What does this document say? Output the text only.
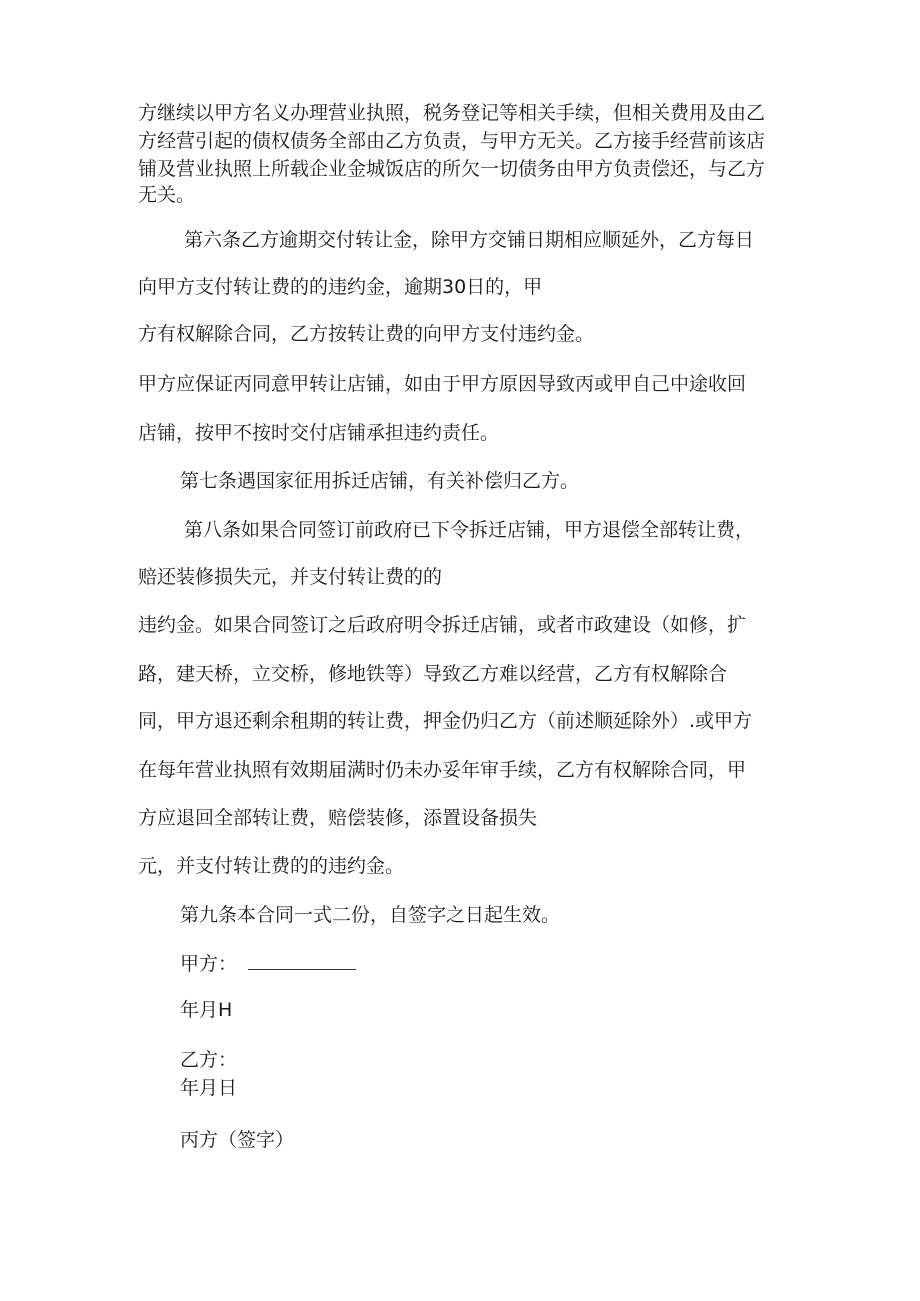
方继续以甲方名义办理营业执照，税务登记等相关手续，但相关费用及由乙
方经营引起的债权债务全部由乙方负责，与甲方无关。乙方接手经营前该店
铺及营业执照上所载企业金城饭店的所欠一切债务由甲方负责偿还，与乙方
无关。
第六条乙方逾期交付转让金，除甲方交铺日期相应顺延外，乙方每日
向甲方支付转让费的的违约金，逾期30日的，甲
方有权解除合同，乙方按转让费的向甲方支付违约金。
甲方应保证丙同意甲转让店铺，如由于甲方原因导致丙或甲自己中途收回
店铺，按甲不按时交付店铺承担违约责任。
第七条遇国家征用拆迁店铺，有关补偿归乙方。
第八条如果合同签订前政府已下令拆迁店铺，甲方退偿全部转让费，
赔还装修损失元，并支付转让费的的
违约金。如果合同签订之后政府明令拆迁店铺，或者市政建设（如修，扩
路，建天桥，立交桥，修地铁等）导致乙方难以经营，乙方有权解除合
同，甲方退还剩余租期的转让费，押金仍归乙方（前述顺延除外）.或甲方
在每年营业执照有效期届满时仍未办妥年审手续，乙方有权解除合同，甲
方应退回全部转让费，赔偿装修，添置设备损失
元，并支付转让费的的违约金。
第九条本合同一式二份，自签字之日起生效。
甲方：
年月H
乙方：
年月日
丙方（签字）
